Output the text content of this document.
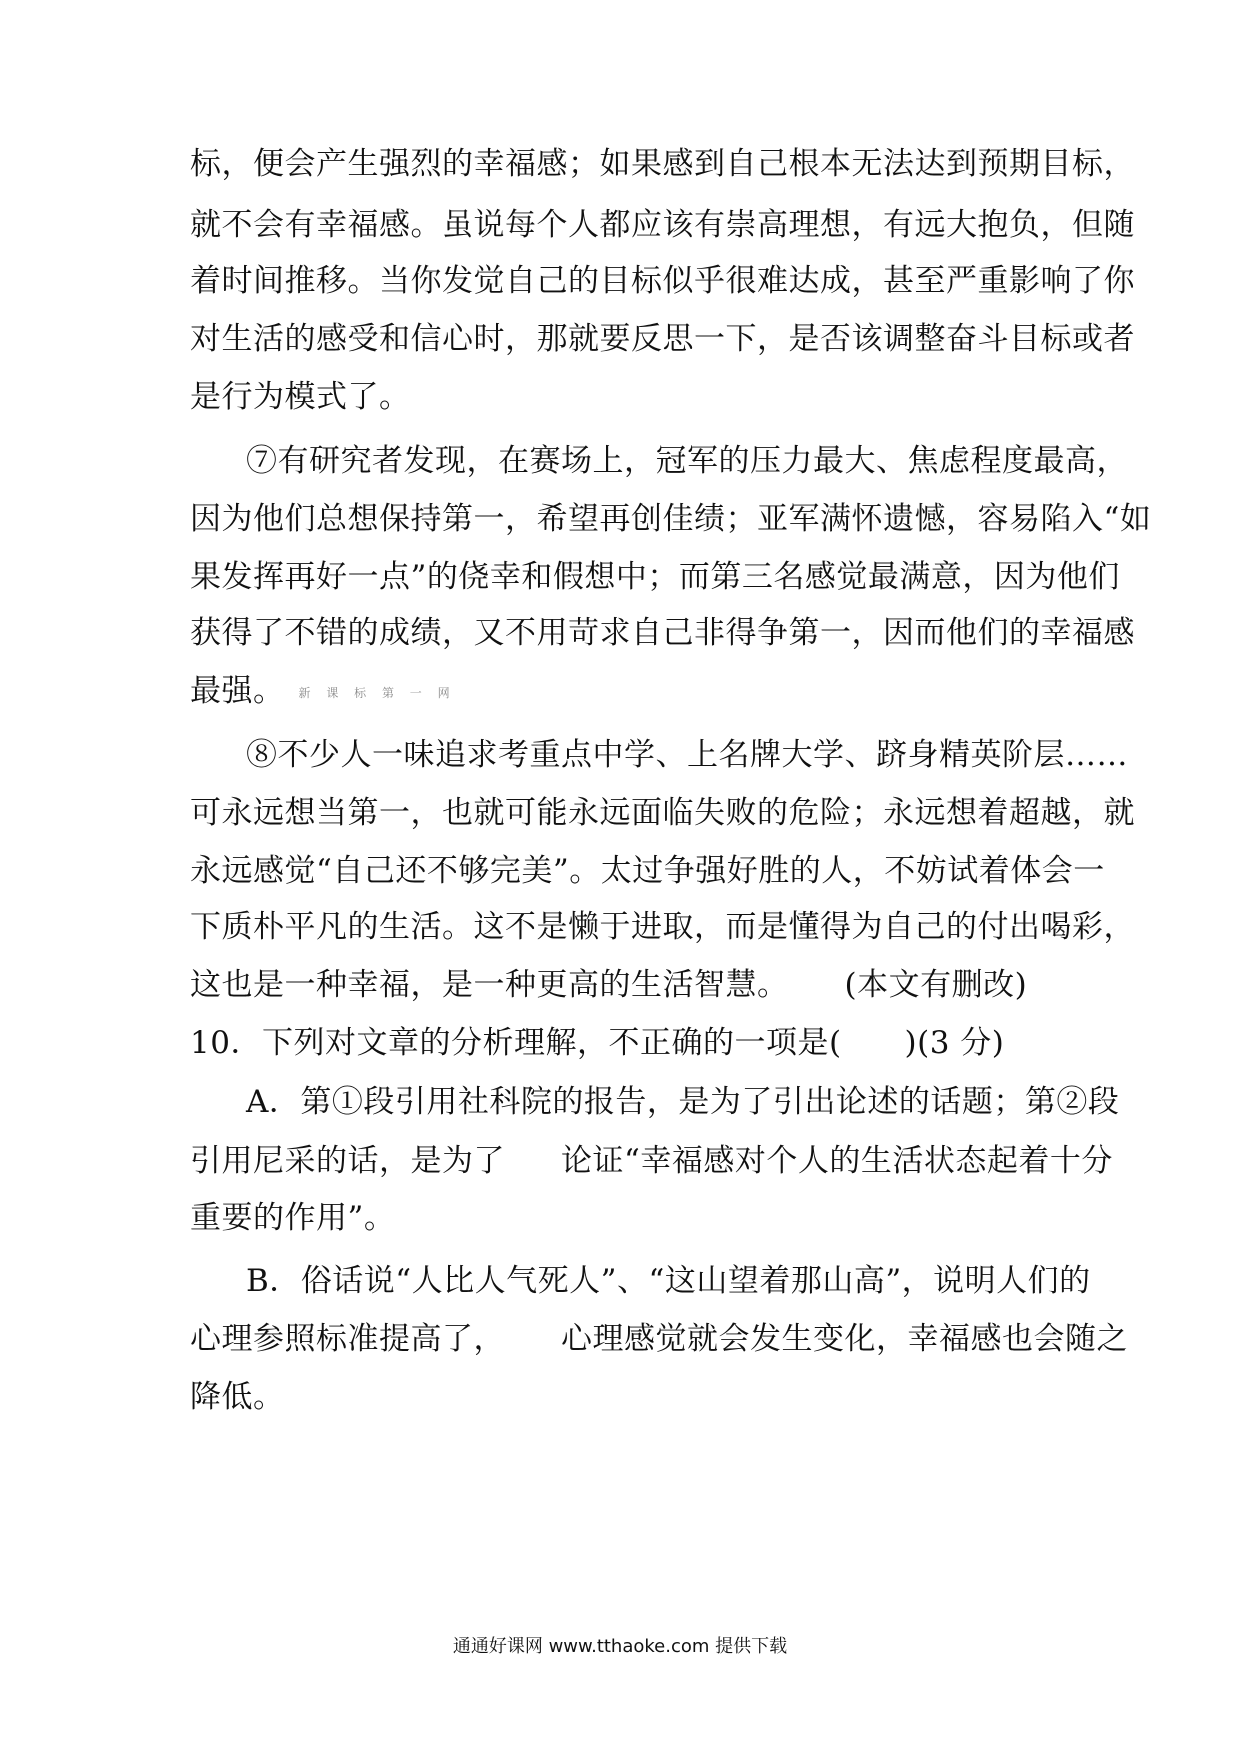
标，便会产生强烈的幸福感；如果感到自己根本无法达到预期目标，
就不会有幸福感。虽说每个人都应该有崇高理想，有远大抱负，但随
着时间推移。当你发觉自己的目标似乎很难达成，甚至严重影响了你
对生活的感受和信心时，那就要反思一下，是否该调整奋斗目标或者
是行为模式了。
⑦有研究者发现，在赛场上，冠军的压力最大、焦虑程度最高，
因为他们总想保持第一，希望再创佳绩；亚军满怀遗憾，容易陷入“如
果发挥再好一点”的侥幸和假想中；而第三名感觉最满意，因为他们
获得了不错的成绩，又不用苛求自己非得争第一，因而他们的幸福感
最强。 新 课 标 第 一 网
⑧不少人一味追求考重点中学、上名牌大学、跻身精英阶层……
可永远想当第一，也就可能永远面临失败的危险；永远想着超越，就
永远感觉“自己还不够完美”。太过争强好胜的人，不妨试着体会一
下质朴平凡的生活。这不是懒于进取，而是懂得为自己的付出喝彩，
这也是一种幸福，是一种更高的生活智慧。 (本文有删改)
10．下列对文章的分析理解，不正确的一项是(　　)(3 分)
A．第①段引用社科院的报告，是为了引出论述的话题；第②段
引用尼采的话，是为了 论证“幸福感对个人的生活状态起着十分
重要的作用”。
B．俗话说“人比人气死人”、“这山望着那山高”，说明人们的
心理参照标准提高了， 心理感觉就会发生变化，幸福感也会随之
降低。
通通好课网 www.tthaoke.com 提供下载
